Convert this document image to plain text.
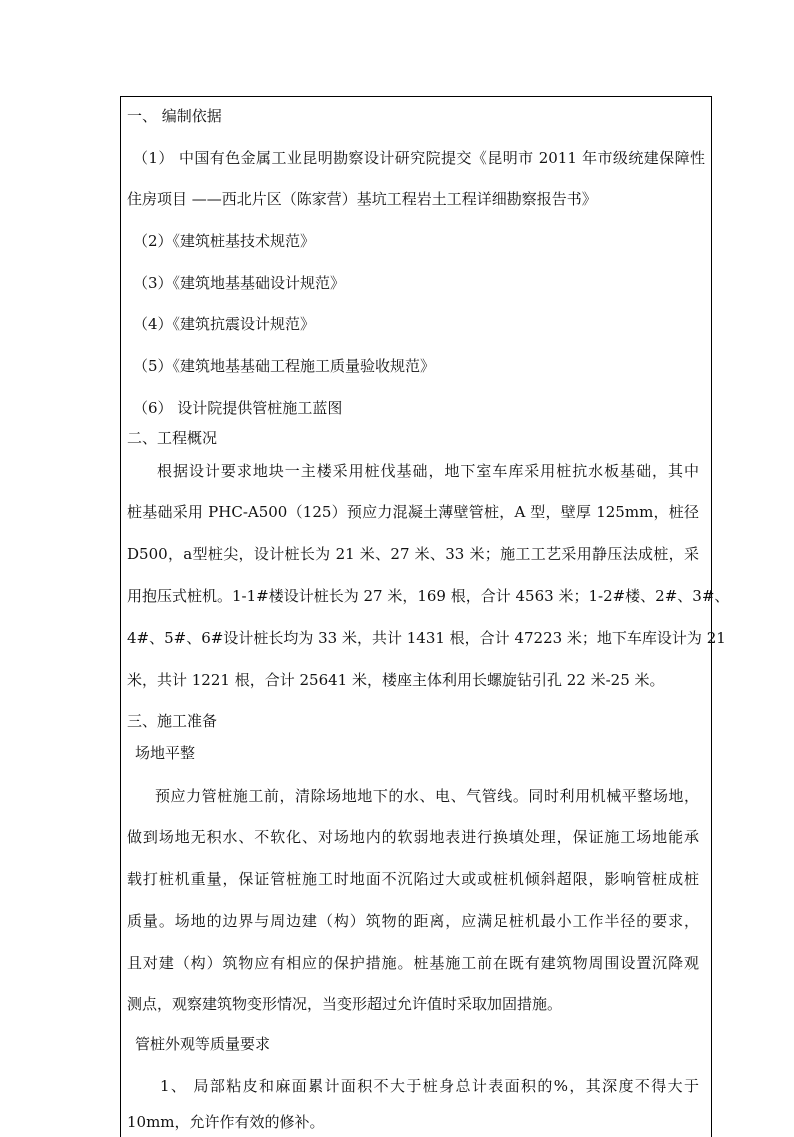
一、 编制依据
（1） 中国有色金属工业昆明勘察设计研究院提交《昆明市 2011 年市级统建保障性
住房项目 ——西北片区（陈家营）基坑工程岩土工程详细勘察报告书》
（2）《建筑桩基技术规范》
（3）《建筑地基基础设计规范》
（4）《建筑抗震设计规范》
（5）《建筑地基基础工程施工质量验收规范》
（6） 设计院提供管桩施工蓝图
二、工程概况
根据设计要求地块一主楼采用桩伐基础，地下室车库采用桩抗水板基础，其中
桩基础采用 PHC-A500（125）预应力混凝土薄壁管桩，A 型，壁厚 125mm，桩径
D500，a型桩尖，设计桩长为 21 米、27 米、33 米；施工工艺采用静压法成桩，采
用抱压式桩机。1-1#楼设计桩长为 27 米，169 根，合计 4563 米；1-2#楼、2#、3#、
4#、5#、6#设计桩长均为 33 米，共计 1431 根，合计 47223 米；地下车库设计为 21
米，共计 1221 根，合计 25641 米，楼座主体利用长螺旋钻引孔 22 米-25 米。
三、施工准备
场地平整
预应力管桩施工前，清除场地地下的水、电、气管线。同时利用机械平整场地，
做到场地无积水、不软化、对场地内的软弱地表进行换填处理，保证施工场地能承
载打桩机重量，保证管桩施工时地面不沉陷过大或或桩机倾斜超限，影响管桩成桩
质量。场地的边界与周边建（构）筑物的距离，应满足桩机最小工作半径的要求，
且对建（构）筑物应有相应的保护措施。桩基施工前在既有建筑物周围设置沉降观
测点，观察建筑物变形情况，当变形超过允许值时采取加固措施。
管桩外观等质量要求
1、 局部粘皮和麻面累计面积不大于桩身总计表面积的%，其深度不得大于
10mm，允许作有效的修补。
